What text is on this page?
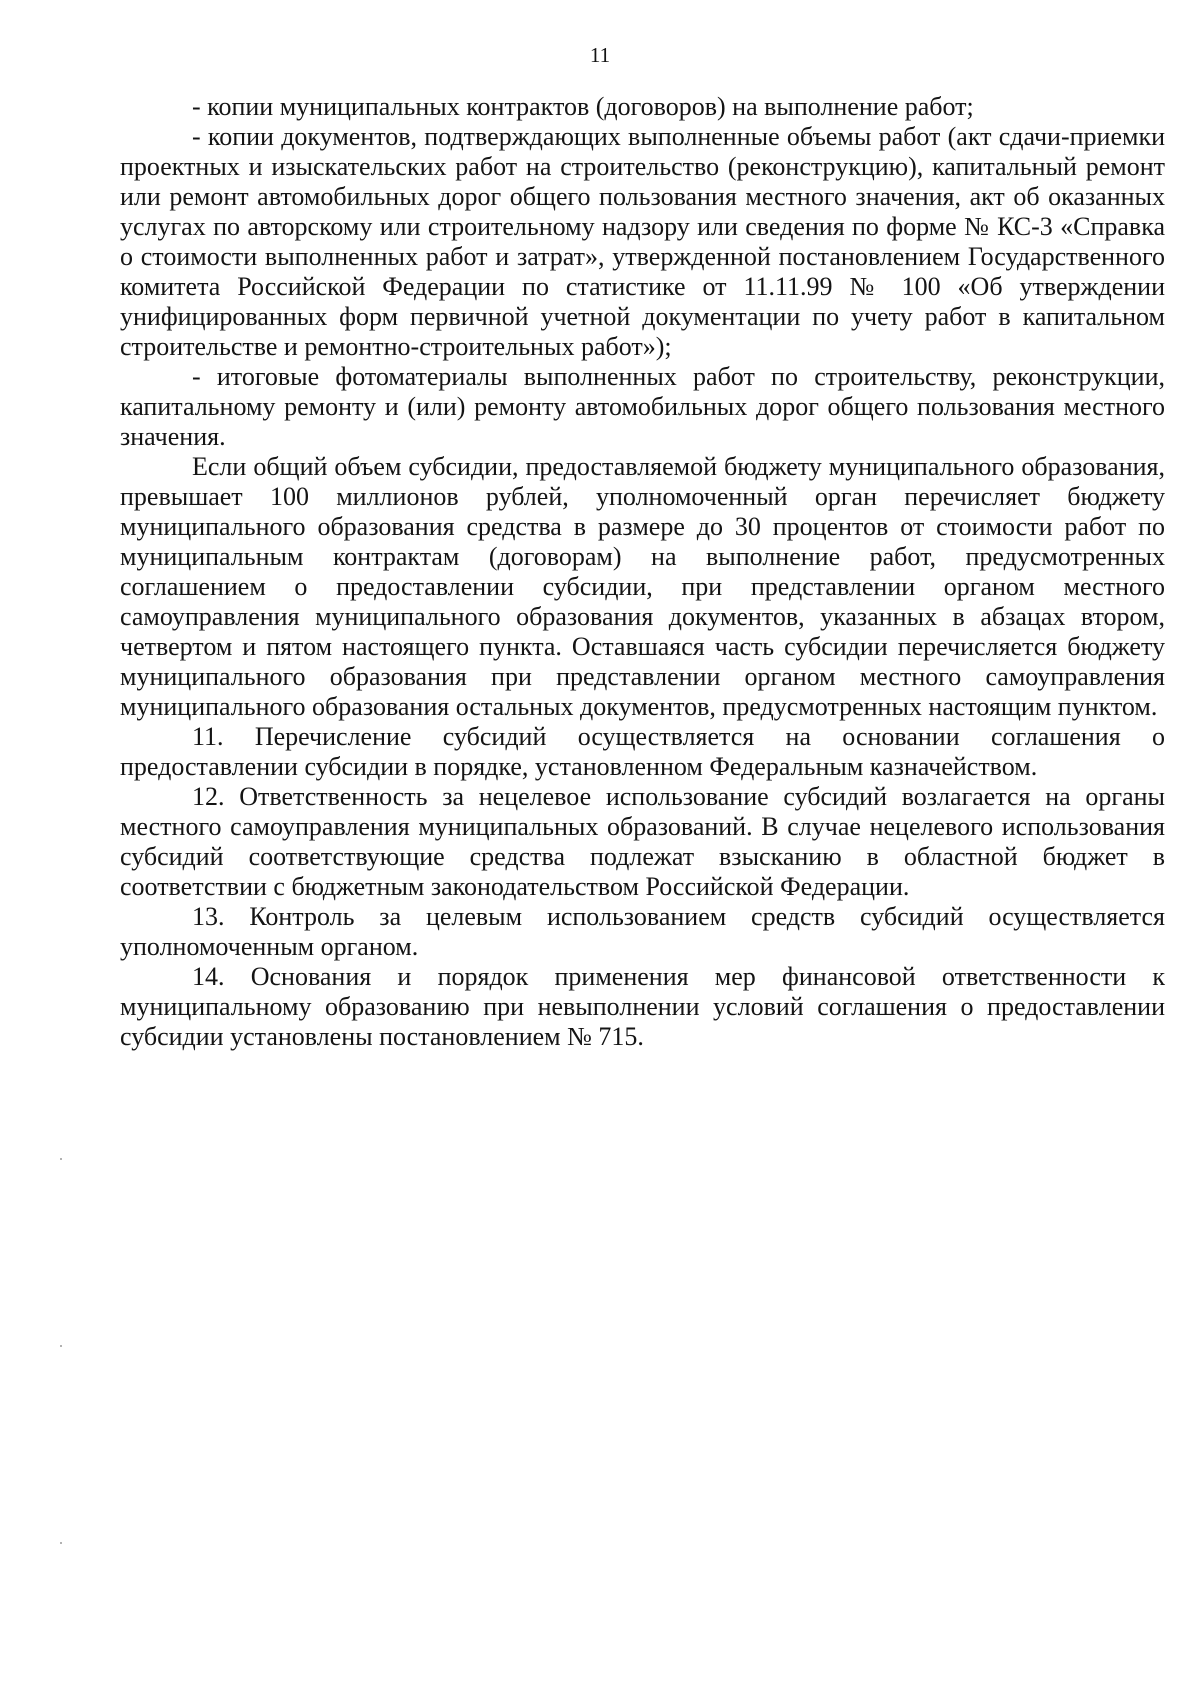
11

- копии муниципальных контрактов (договоров) на выполнение работ;

- копии документов, подтверждающих выполненные объемы работ (акт сдачи-приемки проектных и изыскательских работ на строительство (реконструкцию), капитальный ремонт или ремонт автомобильных дорог общего пользования местного значения, акт об оказанных услугах по авторскому или строительному надзору или сведения по форме № КС-3 «Справка о стоимости выполненных работ и затрат», утвержденной постановлением Государственного комитета Российской Федерации по статистике от 11.11.99 № 100 «Об утверждении унифицированных форм первичной учетной документации по учету работ в капитальном строительстве и ремонтно-строительных работ»);

- итоговые фотоматериалы выполненных работ по строительству, реконструкции, капитальному ремонту и (или) ремонту автомобильных дорог общего пользования местного значения.

Если общий объем субсидии, предоставляемой бюджету муниципального образования, превышает 100 миллионов рублей, уполномоченный орган перечисляет бюджету муниципального образования средства в размере до 30 процентов от стоимости работ по муниципальным контрактам (договорам) на выполнение работ, предусмотренных соглашением о предоставлении субсидии, при представлении органом местного самоуправления муниципального образования документов, указанных в абзацах втором, четвертом и пятом настоящего пункта. Оставшаяся часть субсидии перечисляется бюджету муниципального образования при представлении органом местного самоуправления муниципального образования остальных документов, предусмотренных настоящим пунктом.

11. Перечисление субсидий осуществляется на основании соглашения о предоставлении субсидии в порядке, установленном Федеральным казначейством.

12. Ответственность за нецелевое использование субсидий возлагается на органы местного самоуправления муниципальных образований. В случае нецелевого использования субсидий соответствующие средства подлежат взысканию в областной бюджет в соответствии с бюджетным законодательством Российской Федерации.

13. Контроль за целевым использованием средств субсидий осуществляется уполномоченным органом.

14. Основания и порядок применения мер финансовой ответственности к муниципальному образованию при невыполнении условий соглашения о предоставлении субсидии установлены постановлением № 715.
